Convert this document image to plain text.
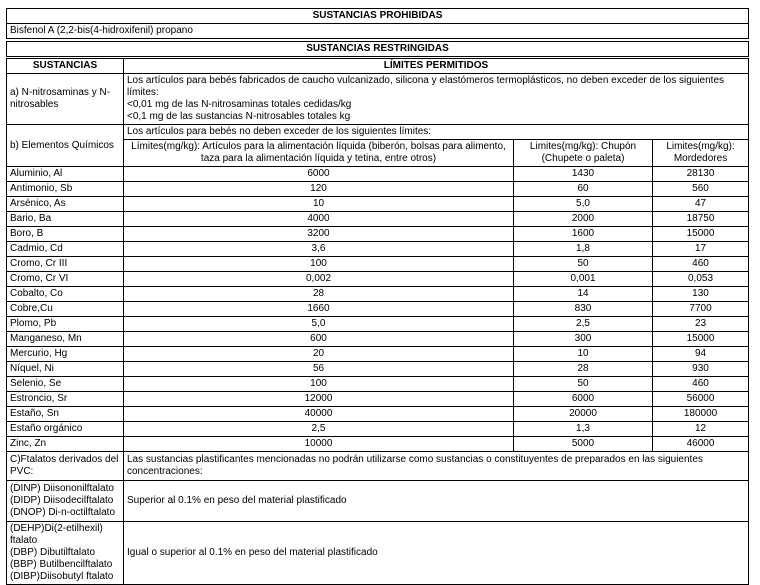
SUSTANCIAS PROHIBIDAS
Bisfenol A (2,2-bis(4-hidroxifenil) propano
SUSTANCIAS RESTRINGIDAS
SUSTANCIAS	LÍMITES PERMITIDOS		
a) N-nitrosaminas y N-nitrosables	Los artículos para bebés fabricados de caucho vulcanizado, silicona y elastómeros termoplásticos, no deben exceder de los siguientes límites:
<0,01 mg de las N-nitrosaminas totales cedidas/kg
<0,1 mg de las sustancias N-nitrosables totales kg		

b) Elementos Químicos	Los artículos para bebés no deben exceder de los siguientes límites:		
	Límites(mg/kg): Artículos para la alimentación líquida (biberón, bolsas para alimento, taza para la alimentación líquida y tetina, entre otros)	Limites(mg/kg): Chupón (Chupete o paleta)	Limites(mg/kg): Mordedores
Aluminio, Al	6000	1430	28130
Antimonio, Sb	120	60	560
Arsénico, As	10	5,0	47
Bario, Ba	4000	2000	18750
Boro, B	3200	1600	15000
Cadmio, Cd	3,6	1,8	17
Cromo, Cr III	100	50	460
Cromo, Cr VI	0,002	0,001	0,053
Cobalto, Co	28	14	130
Cobre,Cu	1660	830	7700
Plomo, Pb	5,0	2,5	23
Manganeso, Mn	600	300	15000
Mercurio, Hg	20	10	94
Níquel, Ni	56	28	930
Selenio, Se	100	50	460
Estroncio, Sr	12000	6000	56000
Estaño, Sn	40000	20000	180000
Estaño orgánico	2,5	1,3	12
Zinc, Zn	10000	5000	46000
C)Ftalatos derivados del PVC:	Las sustancias plastificantes mencionadas no podrán utilizarse como sustancias o constituyentes de preparados en las siguientes concentraciones:		

(DINP) Diisononilftalato
(DIDP) Diisodecilftalato
(DNOP) Di-n-octilftalato	Superior al 0.1% en peso del material plastificado		

(DEHP)Di(2-etilhexil) ftalato
(DBP) Dibutilftalato
(BBP) Butilbencilftalato
(DIBP)Diisobutyl ftalato	Igual o superior al 0.1% en peso del material plastificado		
